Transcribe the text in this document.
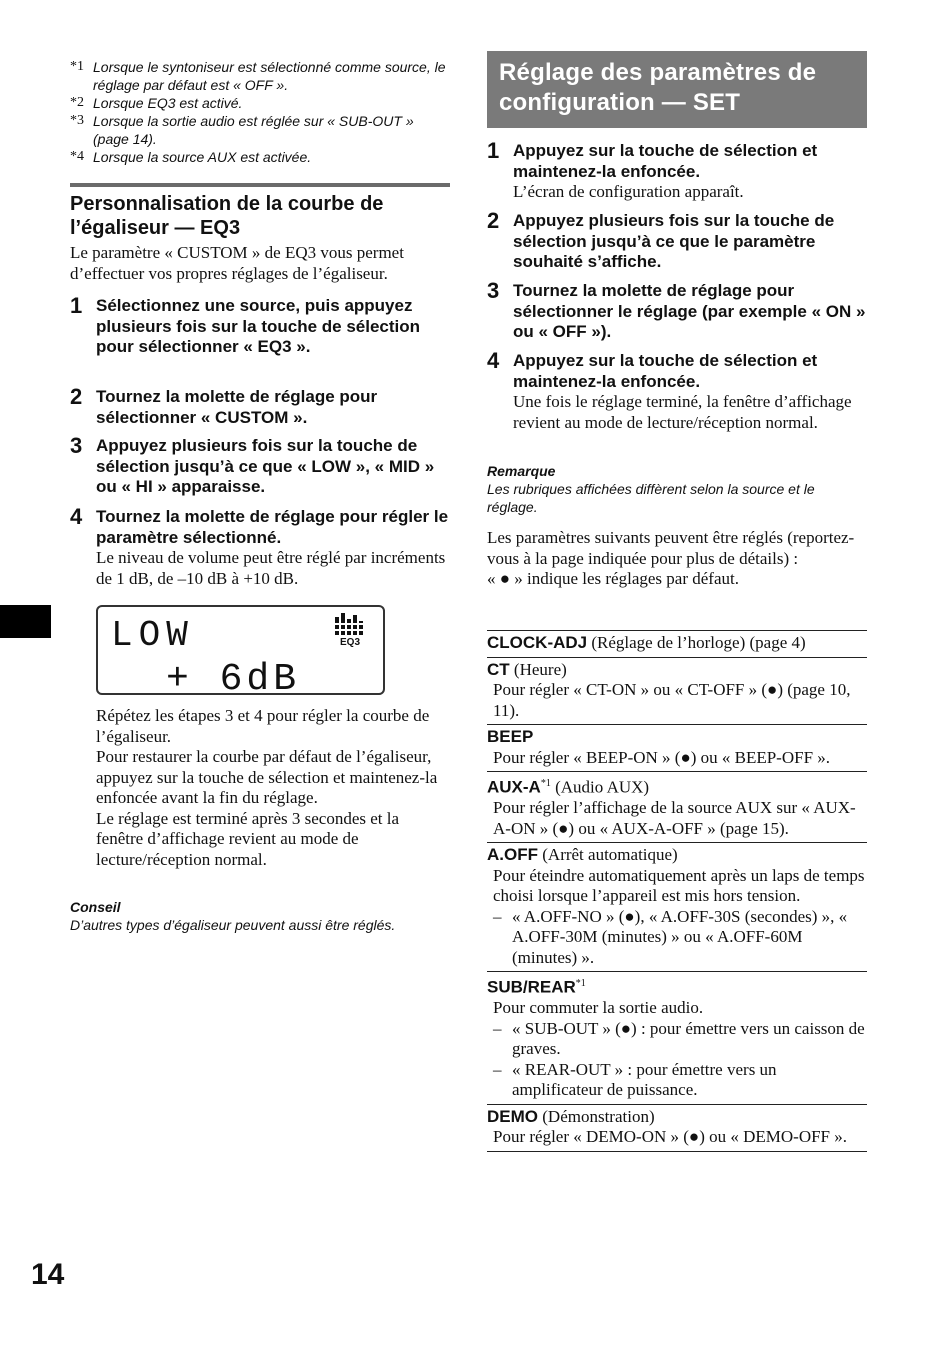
*1 Lorsque le syntoniseur est sélectionné comme source, le réglage par défaut est « OFF ».
*2 Lorsque EQ3 est activé.
*3 Lorsque la sortie audio est réglée sur « SUB-OUT » (page 14).
*4 Lorsque la source AUX est activée.
Personnalisation de la courbe de l’égaliseur — EQ3
Le paramètre « CUSTOM » de EQ3 vous permet d’effectuer vos propres réglages de l’égaliseur.
1 Sélectionnez une source, puis appuyez plusieurs fois sur la touche de sélection pour sélectionner « EQ3 ».
2 Tournez la molette de réglage pour sélectionner « CUSTOM ».
3 Appuyez plusieurs fois sur la touche de sélection jusqu’à ce que « LOW », « MID » ou « HI » apparaisse.
4 Tournez la molette de réglage pour régler le paramètre sélectionné.
Le niveau de volume peut être réglé par incréments de 1 dB, de –10 dB à +10 dB.
LOW
+ 6dB
EQ3
Répétez les étapes 3 et 4 pour régler la courbe de l’égaliseur.
Pour restaurer la courbe par défaut de l’égaliseur, appuyez sur la touche de sélection et maintenez-la enfoncée avant la fin du réglage.
Le réglage est terminé après 3 secondes et la fenêtre d’affichage revient au mode de lecture/réception normal.
Conseil
D’autres types d’égaliseur peuvent aussi être réglés.
Réglage des paramètres de configuration — SET
1 Appuyez sur la touche de sélection et maintenez-la enfoncée.
L’écran de configuration apparaît.
2 Appuyez plusieurs fois sur la touche de sélection jusqu’à ce que le paramètre souhaité s’affiche.
3 Tournez la molette de réglage pour sélectionner le réglage (par exemple « ON » ou « OFF »).
4 Appuyez sur la touche de sélection et maintenez-la enfoncée.
Une fois le réglage terminé, la fenêtre d’affichage revient au mode de lecture/réception normal.
Remarque
Les rubriques affichées diffèrent selon la source et le réglage.
Les paramètres suivants peuvent être réglés (reportez-vous à la page indiquée pour plus de détails) :
« ● » indique les réglages par défaut.
CLOCK-ADJ (Réglage de l’horloge) (page 4)
CT (Heure)
Pour régler « CT-ON » ou « CT-OFF » (●) (page 10, 11).
BEEP
Pour régler « BEEP-ON » (●) ou « BEEP-OFF ».
AUX-$A^{*1}$ (Audio AUX)
Pour régler l’affichage de la source AUX sur « AUX-A-ON » (●) ou « AUX-A-OFF » (page 15).
A.OFF (Arrêt automatique)
Pour éteindre automatiquement après un laps de temps choisi lorsque l’appareil est mis hors tension.
– « A.OFF-NO » (●), « A.OFF-30S (secondes) », « A.OFF-30M (minutes) » ou « A.OFF-60M (minutes) ».
SUB/REAR$^{*1}$
Pour commuter la sortie audio.
– « SUB-OUT » (●) : pour émettre vers un caisson de graves.
– « REAR-OUT » : pour émettre vers un amplificateur de puissance.
DEMO (Démonstration)
Pour régler « DEMO-ON » (●) ou « DEMO-OFF ».
14
